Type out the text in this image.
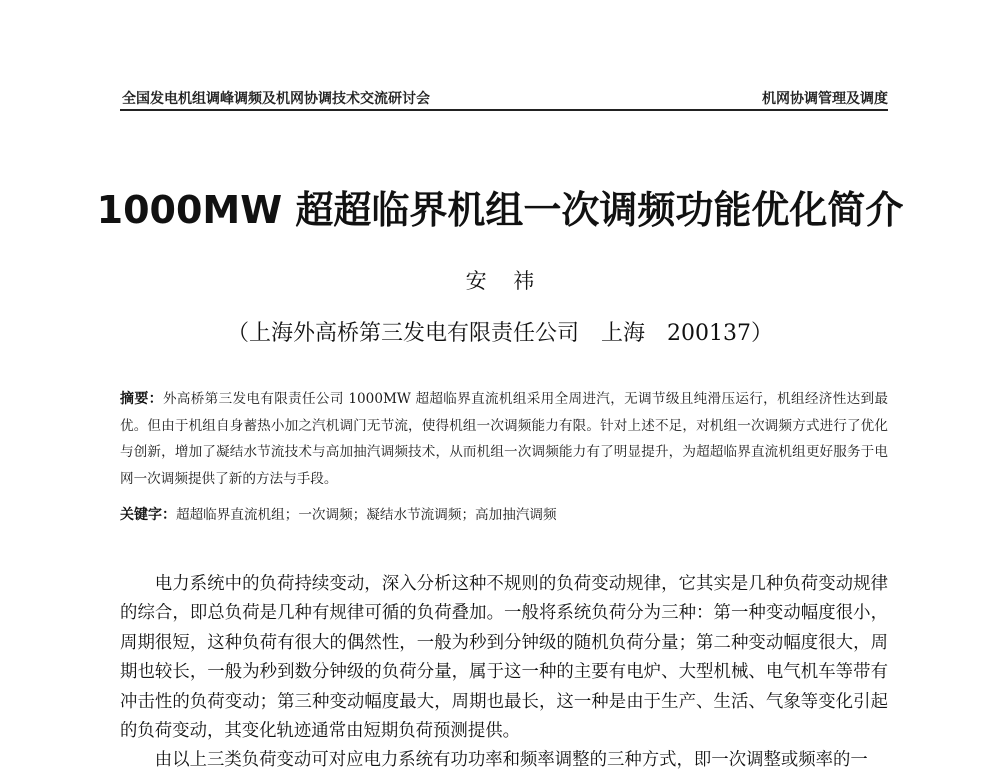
全国发电机组调峰调频及机网协调技术交流研讨会	机网协调管理及调度
1000MW 超超临界机组一次调频功能优化简介
安 祎
（上海外高桥第三发电有限责任公司　上海　200137）
摘要：外高桥第三发电有限责任公司 1000MW 超超临界直流机组采用全周进汽，无调节级且纯滑压运行，机组经济性达到最优。但由于机组自身蓄热小加之汽机调门无节流，使得机组一次调频能力有限。针对上述不足，对机组一次调频方式进行了优化与创新，增加了凝结水节流技术与高加抽汽调频技术，从而机组一次调频能力有了明显提升，为超超临界直流机组更好服务于电网一次调频提供了新的方法与手段。
关键字：超超临界直流机组；一次调频；凝结水节流调频；高加抽汽调频

电力系统中的负荷持续变动，深入分析这种不规则的负荷变动规律，它其实是几种负荷变动规律的综合，即总负荷是几种有规律可循的负荷叠加。一般将系统负荷分为三种：第一种变动幅度很小，周期很短，这种负荷有很大的偶然性，一般为秒到分钟级的随机负荷分量；第二种变动幅度很大，周期也较长，一般为秒到数分钟级的负荷分量，属于这一种的主要有电炉、大型机械、电气机车等带有冲击性的负荷变动；第三种变动幅度最大，周期也最长，这一种是由于生产、生活、气象等变化引起的负荷变动，其变化轨迹通常由短期负荷预测提供。

由以上三类负荷变动可对应电力系统有功功率和频率调整的三种方式，即一次调整或频率的一
